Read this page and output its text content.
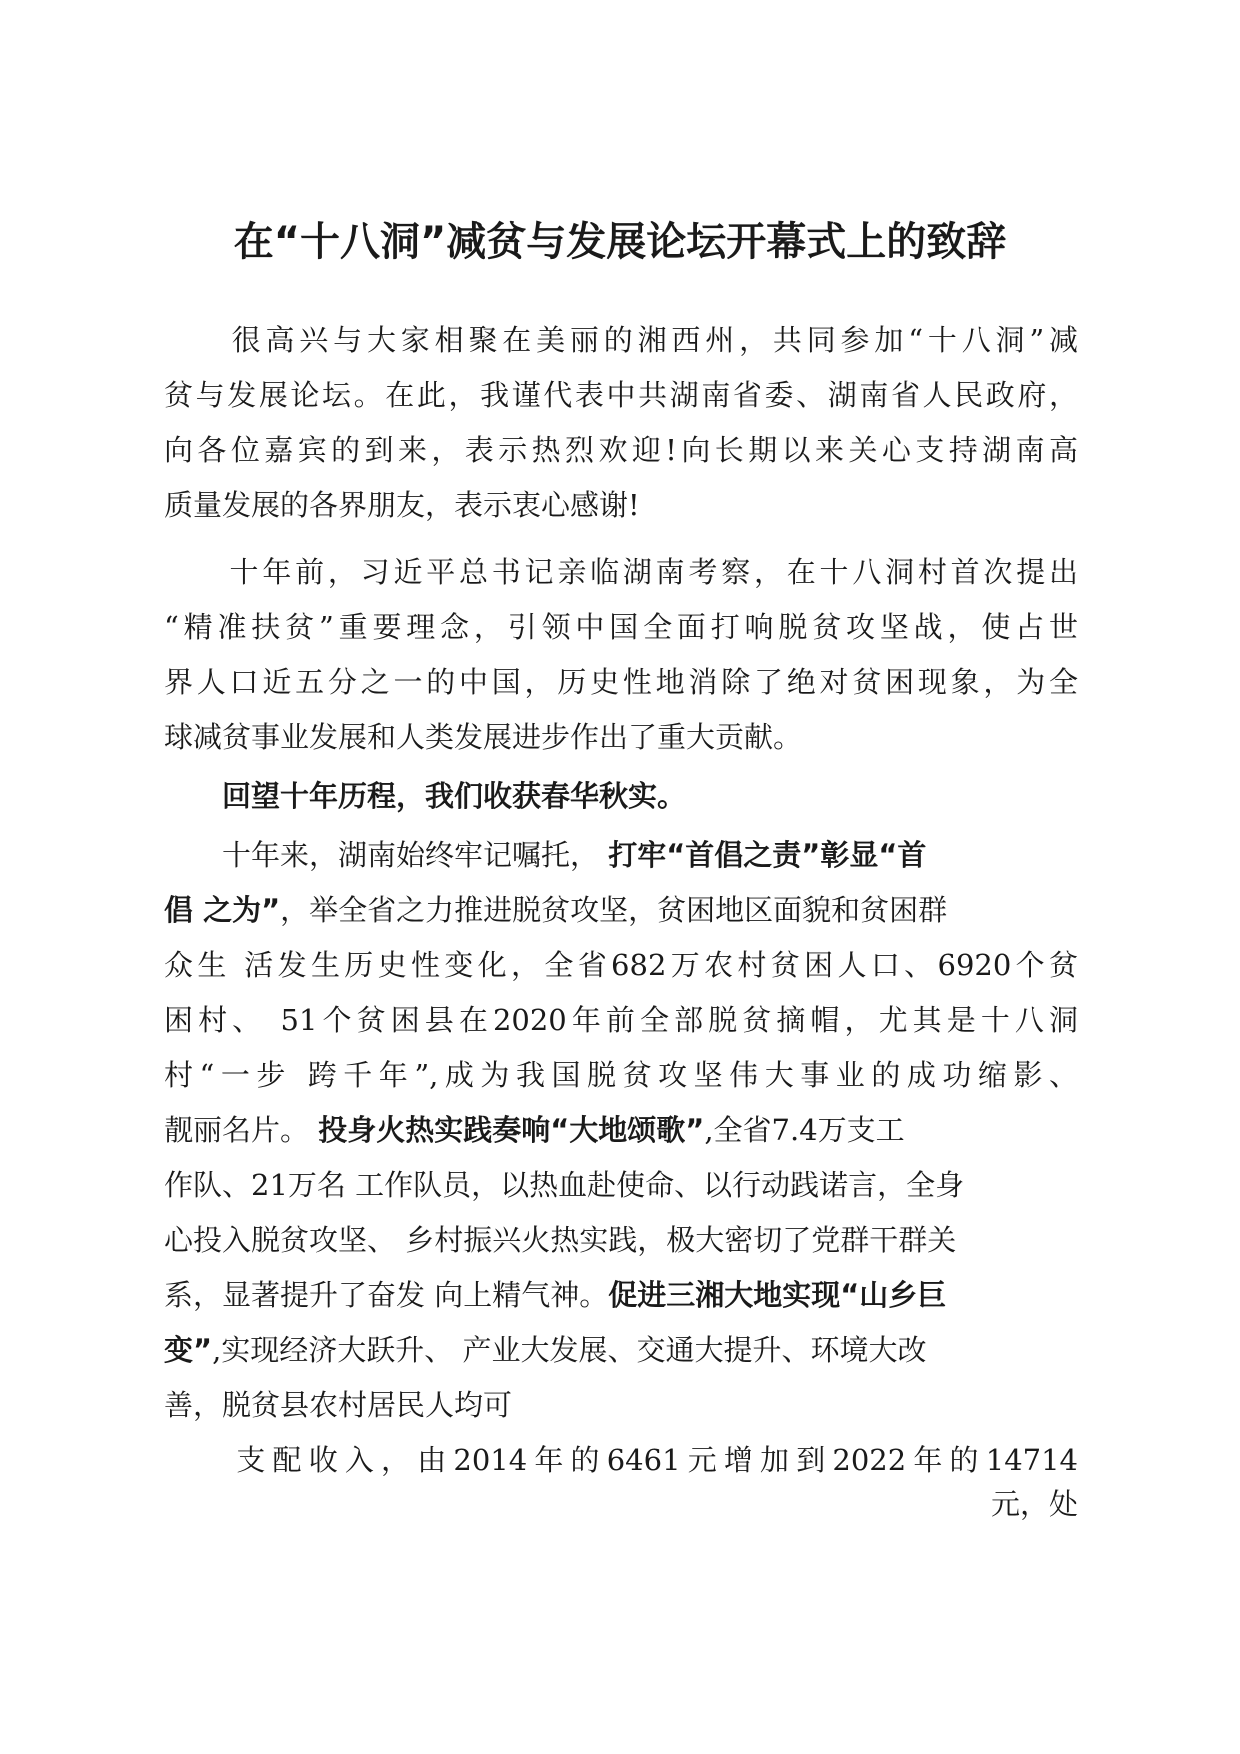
在“十八洞”减贫与发展论坛开幕式上的致辞

　　很高兴与大家相聚在美丽的湘西州，共同参加“十八洞”减

贫与发展论坛。在此，我谨代表中共湖南省委、湖南省人民政府，

向各位嘉宾的到来，表示热烈欢迎!向长期以来关心支持湖南高

质量发展的各界朋友，表示衷心感谢!

　　十年前，习近平总书记亲临湖南考察，在十八洞村首次提出

“精准扶贫”重要理念，引领中国全面打响脱贫攻坚战，使占世

界人口近五分之一的中国，历史性地消除了绝对贫困现象，为全

球减贫事业发展和人类发展进步作出了重大贡献。

　　回望十年历程，我们收获春华秋实。

　　十年来，湖南始终牢记嘱托， 打牢“首倡之责”彰显“首

倡 之为”，举全省之力推进脱贫攻坚，贫困地区面貌和贫困群

众生 活发生历史性变化，全省682万农村贫困人口、6920个贫

困村、 51个贫困县在2020年前全部脱贫摘帽，尤其是十八洞

村“一步 跨千年”,成为我国脱贫攻坚伟大事业的成功缩影、

靓丽名片。 投身火热实践奏响“大地颂歌”,全省7.4万支工

作队、21万名 工作队员，以热血赴使命、以行动践诺言，全身

心投入脱贫攻坚、 乡村振兴火热实践，极大密切了党群干群关

系，显著提升了奋发 向上精气神。促进三湘大地实现“山乡巨

变”,实现经济大跃升、 产业大发展、交通大提升、环境大改

善，脱贫县农村居民人均可

　　支配收入，由2014年的6461元增加到2022年的14714

元，处
